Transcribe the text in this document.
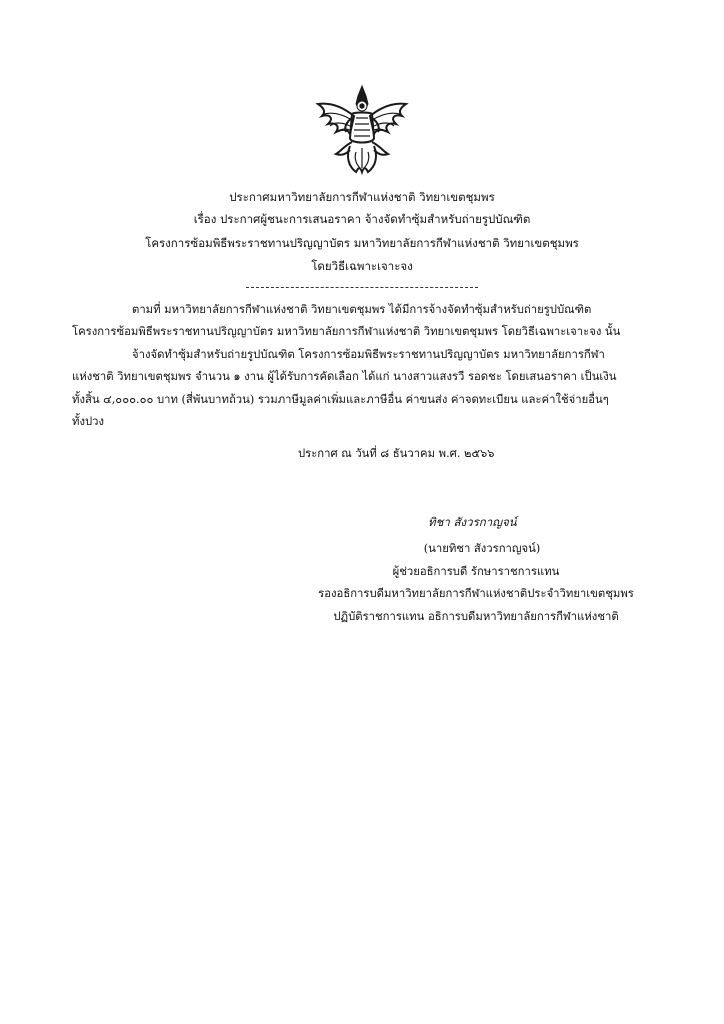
ประกาศมหาวิทยาลัยการกีฬาแห่งชาติ วิทยาเขตชุมพร
เรื่อง ประกาศผู้ชนะการเสนอราคา จ้างจัดทำซุ้มสำหรับถ่ายรูปบัณฑิต
โครงการซ้อมพิธีพระราชทานปริญญาบัตร มหาวิทยาลัยการกีฬาแห่งชาติ วิทยาเขตชุมพร
โดยวิธีเฉพาะเจาะจง
ตามที่ มหาวิทยาลัยการกีฬาแห่งชาติ วิทยาเขตชุมพร ได้มีการจ้างจัดทำซุ้มสำหรับถ่ายรูปบัณฑิต
โครงการซ้อมพิธีพระราชทานปริญญาบัตร มหาวิทยาลัยการกีฬาแห่งชาติ วิทยาเขตชุมพร โดยวิธีเฉพาะเจาะจง นั้น
จ้างจัดทำซุ้มสำหรับถ่ายรูปบัณฑิต โครงการซ้อมพิธีพระราชทานปริญญาบัตร มหาวิทยาลัยการกีฬา
แห่งชาติ วิทยาเขตชุมพร จำนวน ๑ งาน ผู้ได้รับการคัดเลือก ได้แก่ นางสาวแสงรวี รอดชะ โดยเสนอราคา เป็นเงิน
ทั้งสิ้น ๔,๐๐๐.๐๐ บาท (สี่พันบาทถ้วน) รวมภาษีมูลค่าเพิ่มและภาษีอื่น ค่าขนส่ง ค่าจดทะเบียน และค่าใช้จ่ายอื่นๆ
ทั้งปวง
ประกาศ ณ วันที่ ๘ ธันวาคม พ.ศ. ๒๕๖๖
ทิชา สังวรกาญจน์
(นายทิชา สังวรกาญจน์)
ผู้ช่วยอธิการบดี รักษาราชการแทน
รองอธิการบดีมหาวิทยาลัยการกีฬาแห่งชาติประจำวิทยาเขตชุมพร
ปฏิบัติราชการแทน อธิการบดีมหาวิทยาลัยการกีฬาแห่งชาติ
